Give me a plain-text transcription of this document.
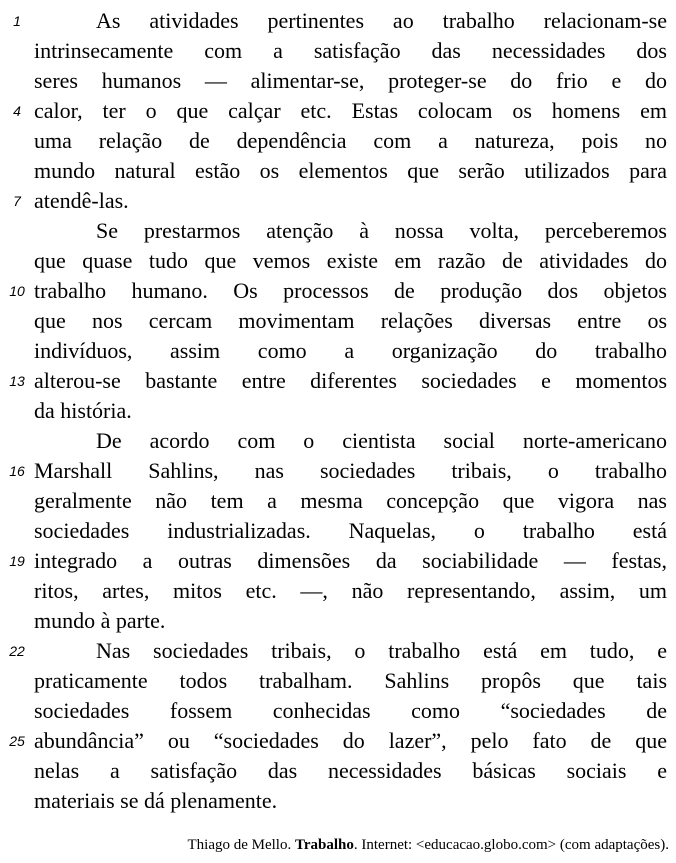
1	As atividades pertinentes ao trabalho relacionam-se
intrinsecamente com a satisfação das necessidades dos
seres humanos — alimentar-se, proteger-se do frio e do
4 calor, ter o que calçar etc. Estas colocam os homens em
uma relação de dependência com a natureza, pois no
mundo natural estão os elementos que serão utilizados para
7 atendê-las.
Se prestarmos atenção à nossa volta, perceberemos
que quase tudo que vemos existe em razão de atividades do
10 trabalho humano. Os processos de produção dos objetos
que nos cercam movimentam relações diversas entre os
indivíduos, assim como a organização do trabalho
13 alterou-se bastante entre diferentes sociedades e momentos
da história.
De acordo com o cientista social norte-americano
16 Marshall Sahlins, nas sociedades tribais, o trabalho
geralmente não tem a mesma concepção que vigora nas
sociedades industrializadas. Naquelas, o trabalho está
19 integrado a outras dimensões da sociabilidade — festas,
ritos, artes, mitos etc. —, não representando, assim, um
mundo à parte.
22	Nas sociedades tribais, o trabalho está em tudo, e
praticamente todos trabalham. Sahlins propôs que tais
sociedades fossem conhecidas como “sociedades de
25 abundância” ou “sociedades do lazer”, pelo fato de que
nelas a satisfação das necessidades básicas sociais e
materiais se dá plenamente.
Thiago de Mello. Trabalho. Internet: <educacao.globo.com> (com adaptações).
